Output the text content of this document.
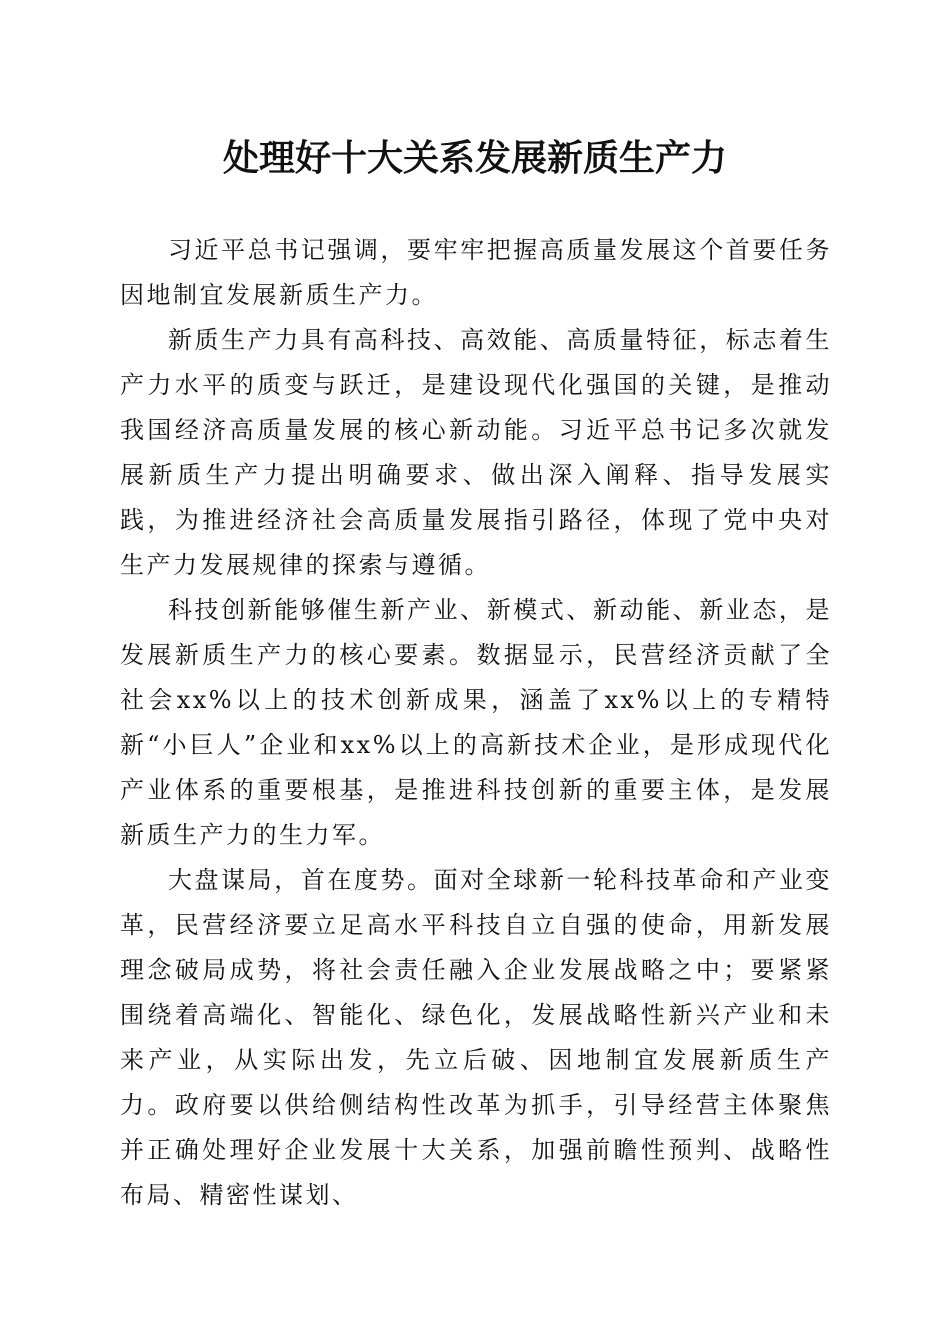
处理好十大关系发展新质生产力

习近平总书记强调，要牢牢把握高质量发展这个首要任务因地制宜发展新质生产力。

新质生产力具有高科技、高效能、高质量特征，标志着生产力水平的质变与跃迁，是建设现代化强国的关键，是推动我国经济高质量发展的核心新动能。习近平总书记多次就发展新质生产力提出明确要求、做出深入阐释、指导发展实践，为推进经济社会高质量发展指引路径，体现了党中央对生产力发展规律的探索与遵循。

科技创新能够催生新产业、新模式、新动能、新业态，是发展新质生产力的核心要素。数据显示，民营经济贡献了全社会xx%以上的技术创新成果，涵盖了xx%以上的专精特新“小巨人”企业和xx%以上的高新技术企业，是形成现代化产业体系的重要根基，是推进科技创新的重要主体，是发展新质生产力的生力军。

大盘谋局，首在度势。面对全球新一轮科技革命和产业变革，民营经济要立足高水平科技自立自强的使命，用新发展理念破局成势，将社会责任融入企业发展战略之中；要紧紧围绕着高端化、智能化、绿色化，发展战略性新兴产业和未来产业，从实际出发，先立后破、因地制宜发展新质生产力。政府要以供给侧结构性改革为抓手，引导经营主体聚焦并正确处理好企业发展十大关系，加强前瞻性预判、战略性布局、精密性谋划、
